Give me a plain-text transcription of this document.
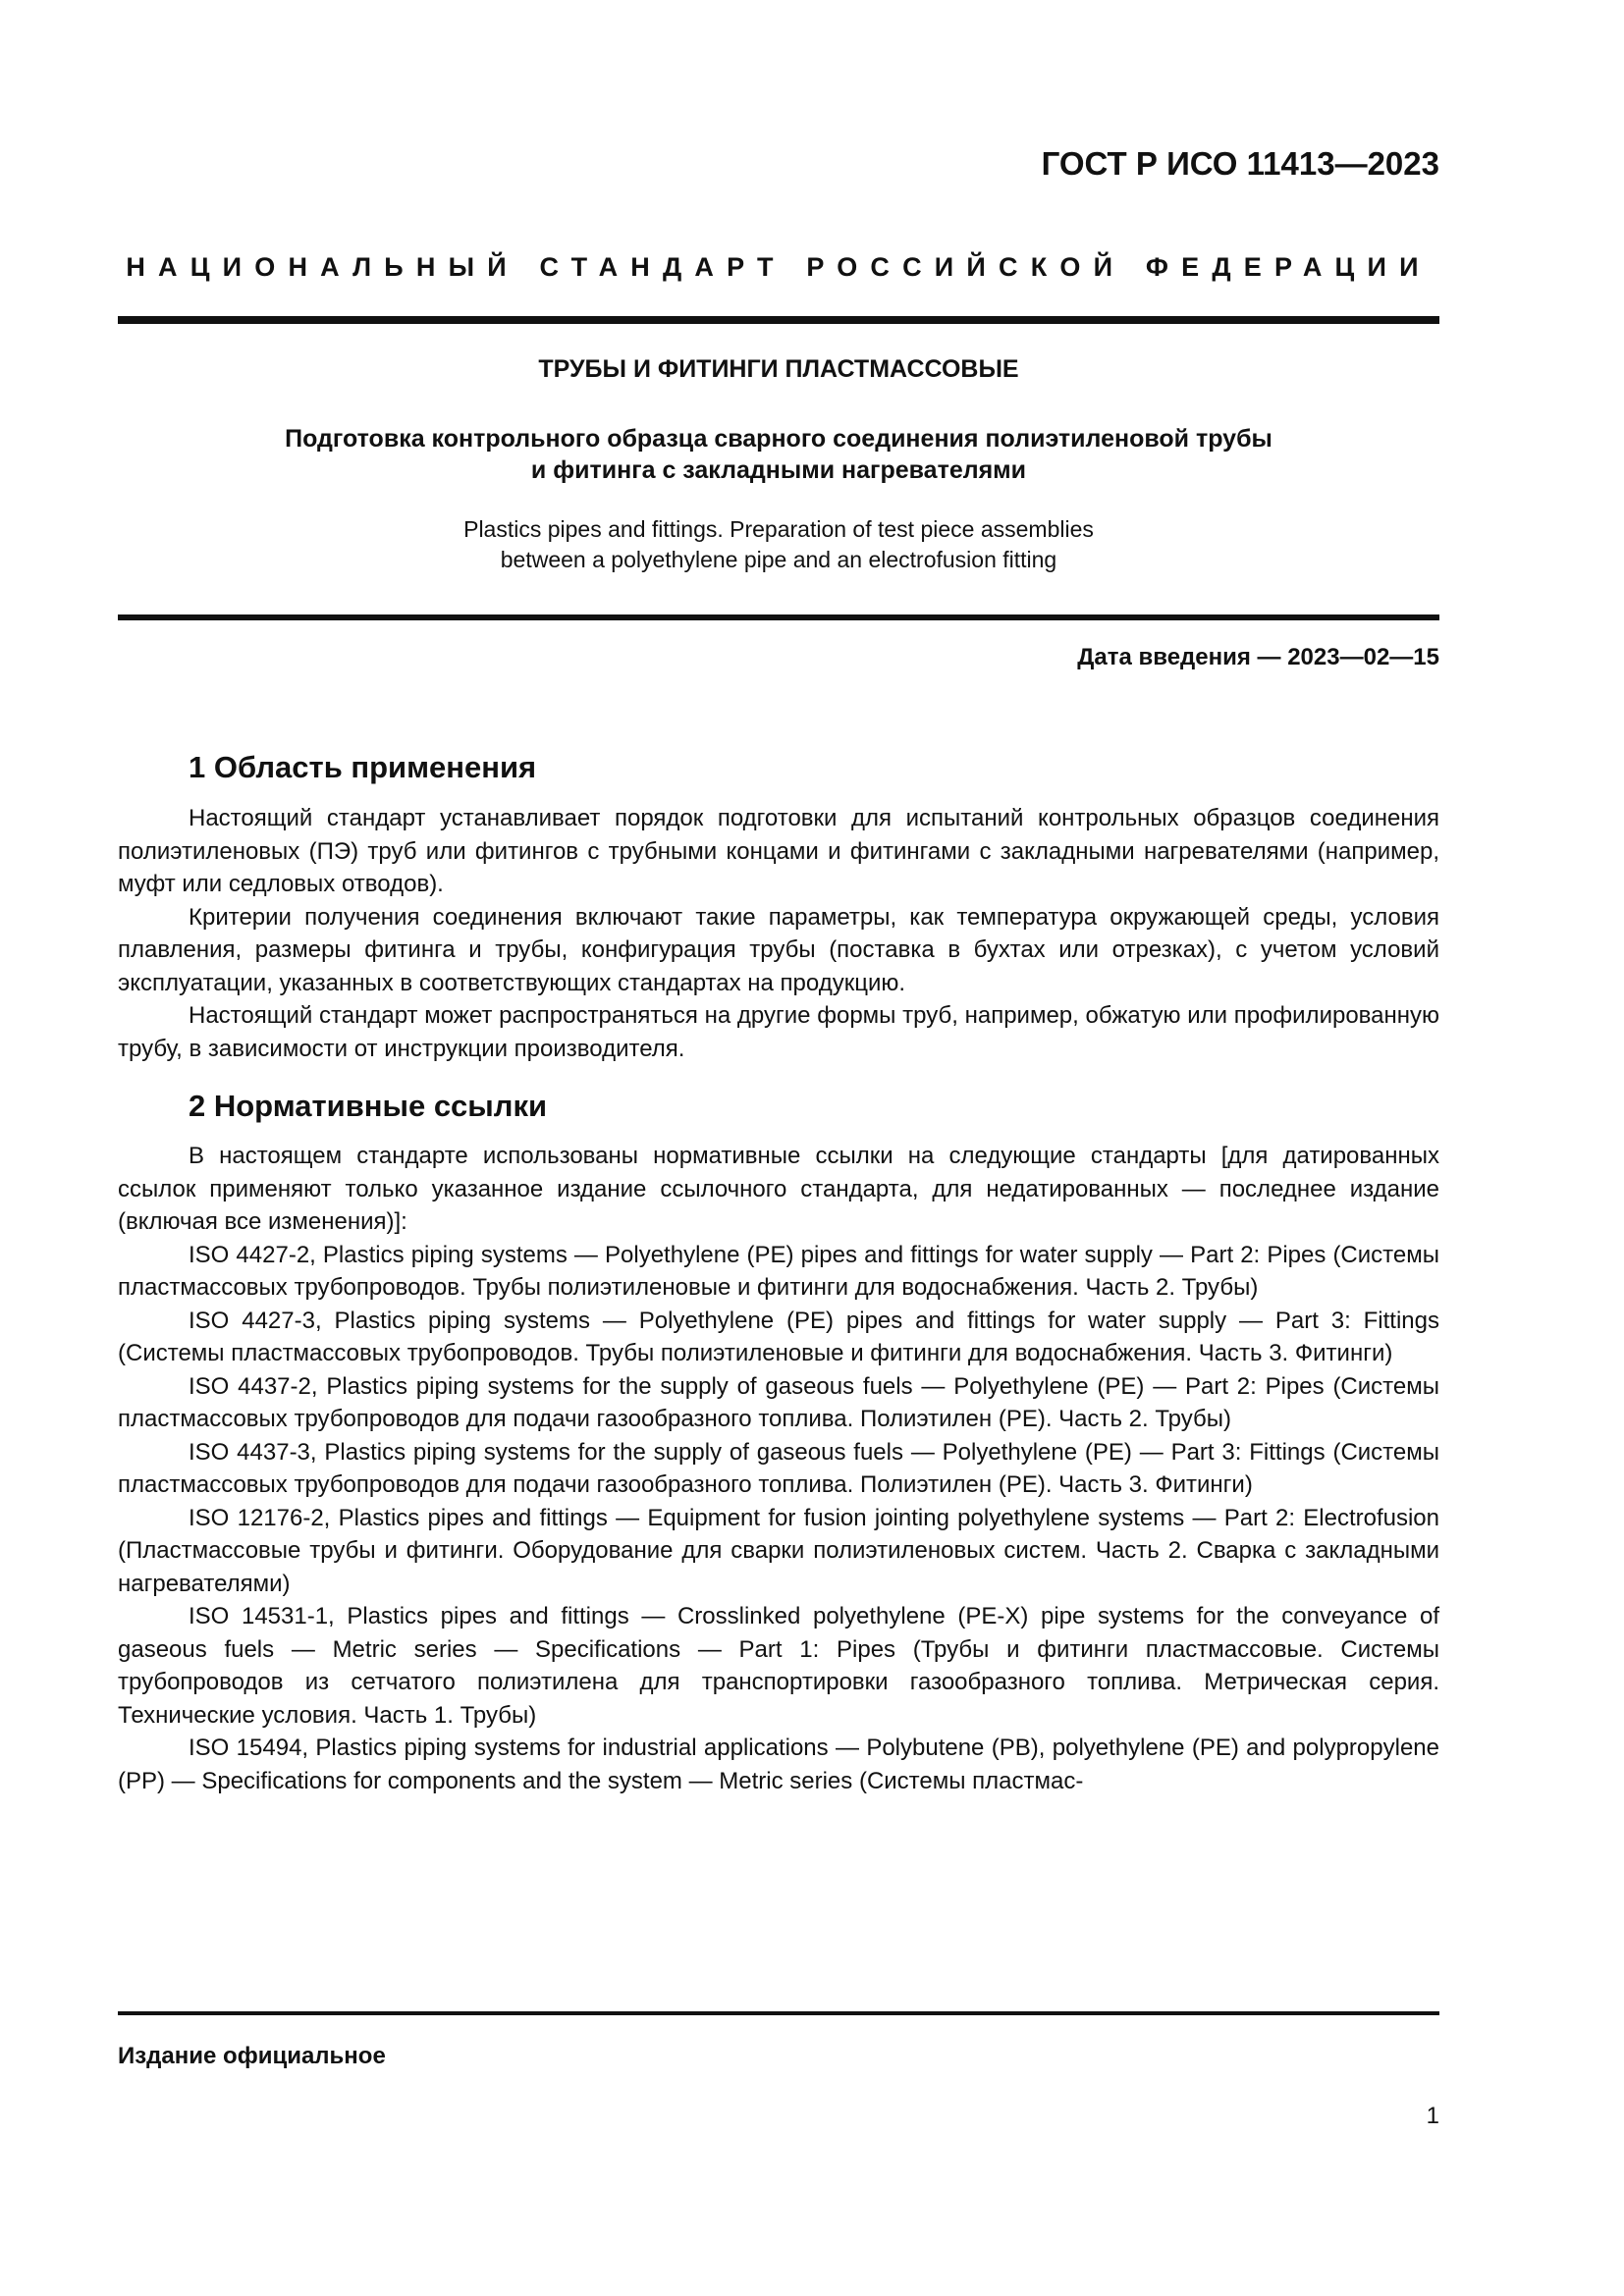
ГОСТ Р ИСО 11413—2023
НАЦИОНАЛЬНЫЙ СТАНДАРТ РОССИЙСКОЙ ФЕДЕРАЦИИ
ТРУБЫ И ФИТИНГИ ПЛАСТМАССОВЫЕ
Подготовка контрольного образца сварного соединения полиэтиленовой трубы
и фитинга с закладными нагревателями
Plastics pipes and fittings. Preparation of test piece assemblies
between a polyethylene pipe and an electrofusion fitting
Дата введения — 2023—02—15
1 Область применения

Настоящий стандарт устанавливает порядок подготовки для испытаний контрольных образцов соединения полиэтиленовых (ПЭ) труб или фитингов с трубными концами и фитингами с закладными нагревателями (например, муфт или седловых отводов).

Критерии получения соединения включают такие параметры, как температура окружающей среды, условия плавления, размеры фитинга и трубы, конфигурация трубы (поставка в бухтах или отрезках), с учетом условий эксплуатации, указанных в соответствующих стандартах на продукцию.

Настоящий стандарт может распространяться на другие формы труб, например, обжатую или профилированную трубу, в зависимости от инструкции производителя.

2 Нормативные ссылки

В настоящем стандарте использованы нормативные ссылки на следующие стандарты [для датированных ссылок применяют только указанное издание ссылочного стандарта, для недатированных — последнее издание (включая все изменения)]:

ISO 4427-2, Plastics piping systems — Polyethylene (PE) pipes and fittings for water supply — Part 2: Pipes (Системы пластмассовых трубопроводов. Трубы полиэтиленовые и фитинги для водоснабжения. Часть 2. Трубы)

ISO 4427-3, Plastics piping systems — Polyethylene (PE) pipes and fittings for water supply — Part 3: Fittings (Системы пластмассовых трубопроводов. Трубы полиэтиленовые и фитинги для водоснабжения. Часть 3. Фитинги)

ISO 4437-2, Plastics piping systems for the supply of gaseous fuels — Polyethylene (PE) — Part 2: Pipes (Системы пластмассовых трубопроводов для подачи газообразного топлива. Полиэтилен (PE). Часть 2. Трубы)

ISO 4437-3, Plastics piping systems for the supply of gaseous fuels — Polyethylene (PE) — Part 3: Fittings (Системы пластмассовых трубопроводов для подачи газообразного топлива. Полиэтилен (PE). Часть 3. Фитинги)

ISO 12176-2, Plastics pipes and fittings — Equipment for fusion jointing polyethylene systems — Part 2: Electrofusion (Пластмассовые трубы и фитинги. Оборудование для сварки полиэтиленовых систем. Часть 2. Сварка с закладными нагревателями)

ISO 14531-1, Plastics pipes and fittings — Crosslinked polyethylene (PE-X) pipe systems for the conveyance of gaseous fuels — Metric series — Specifications — Part 1: Pipes (Трубы и фитинги пластмассовые. Системы трубопроводов из сетчатого полиэтилена для транспортировки газообразного топлива. Метрическая серия. Технические условия. Часть 1. Трубы)

ISO 15494, Plastics piping systems for industrial applications — Polybutene (PB), polyethylene (PE) and polypropylene (PP) — Specifications for components and the system — Metric series (Системы пластмас-

Издание официальное
1
